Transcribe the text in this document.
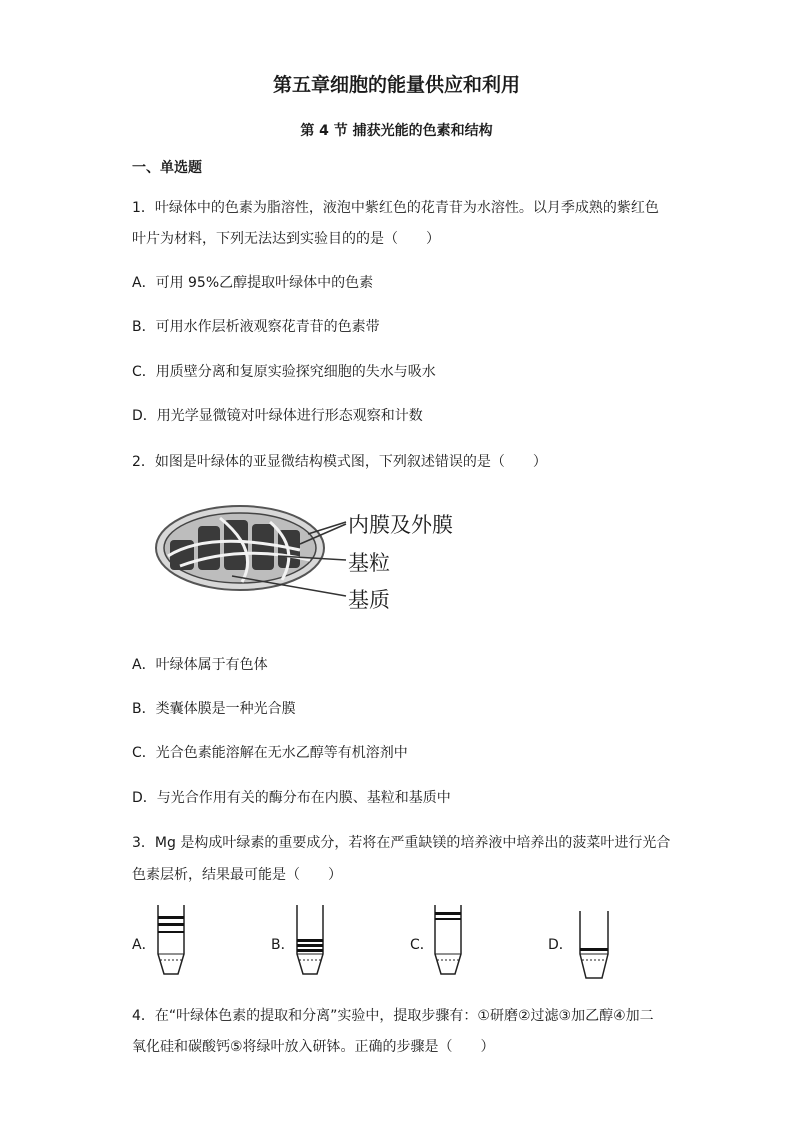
第五章细胞的能量供应和利用
第 4 节 捕获光能的色素和结构
一、单选题
1．叶绿体中的色素为脂溶性，液泡中紫红色的花青苷为水溶性。以月季成熟的紫红色
叶片为材料，下列无法达到实验目的的是（　　）
A．可用 95%乙醇提取叶绿体中的色素
B．可用水作层析液观察花青苷的色素带
C．用质壁分离和复原实验探究细胞的失水与吸水
D．用光学显微镜对叶绿体进行形态观察和计数
2．如图是叶绿体的亚显微结构模式图，下列叙述错误的是（　　）
内膜及外膜
基粒
基质
A．叶绿体属于有色体
B．类囊体膜是一种光合膜
C．光合色素能溶解在无水乙醇等有机溶剂中
D．与光合作用有关的酶分布在内膜、基粒和基质中
3．Mg 是构成叶绿素的重要成分，若将在严重缺镁的培养液中培养出的菠菜叶进行光合
色素层析，结果最可能是（　　）
A．	B．	C．	D．
4．在“叶绿体色素的提取和分离”实验中，提取步骤有：①研磨②过滤③加乙醇④加二
氧化硅和碳酸钙⑤将绿叶放入研钵。正确的步骤是（　　）
